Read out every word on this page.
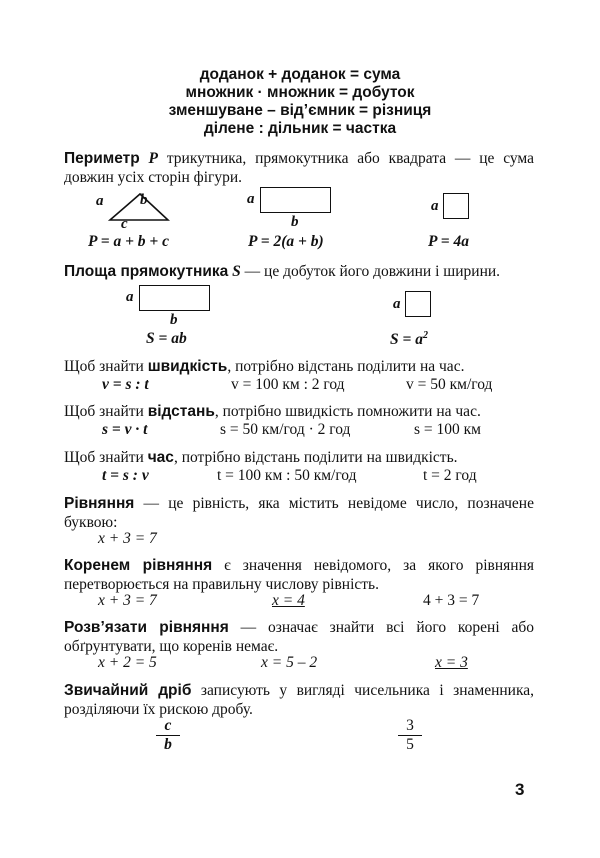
доданок + доданок = сума
множник · множник = добуток
зменшуване – від’ємник = різниця
ділене : дільник = частка
Периметр P трикутника, прямокутника або квадрата — це сума довжин усіх сторін фігури.
a b
c
P = a + b + c
a
b
P = 2(a + b)
a
P = 4a
Площа прямокутника S — це добуток його довжини і ширини.
a
b
S = ab
a
$S = a^2$
Щоб знайти швидкість, потрібно відстань поділити на час.
v = s : t	v = 100 км : 2 год	v = 50 км/год
Щоб знайти відстань, потрібно швидкість помножити на час.
s = v · t	s = 50 км/год · 2 год	s = 100 км
Щоб знайти час, потрібно відстань поділити на швидкість.
t = s : v	t = 100 км : 50 км/год	t = 2 год
Рівняння — це рівність, яка містить невідоме число, позначене буквою:
x + 3 = 7
Коренем рівняння є значення невідомого, за якого рівняння перетворюється на правильну числову рівність.
x + 3 = 7	x = 4	4 + 3 = 7
Розв’язати рівняння — означає знайти всі його корені або обґрунтувати, що коренів немає.
x + 2 = 5	x = 5 – 2	x = 3
Звичайний дріб записують у вигляді чисельника і знаменника, розділяючи їх рискою дробу.
c
b
3
5
3
